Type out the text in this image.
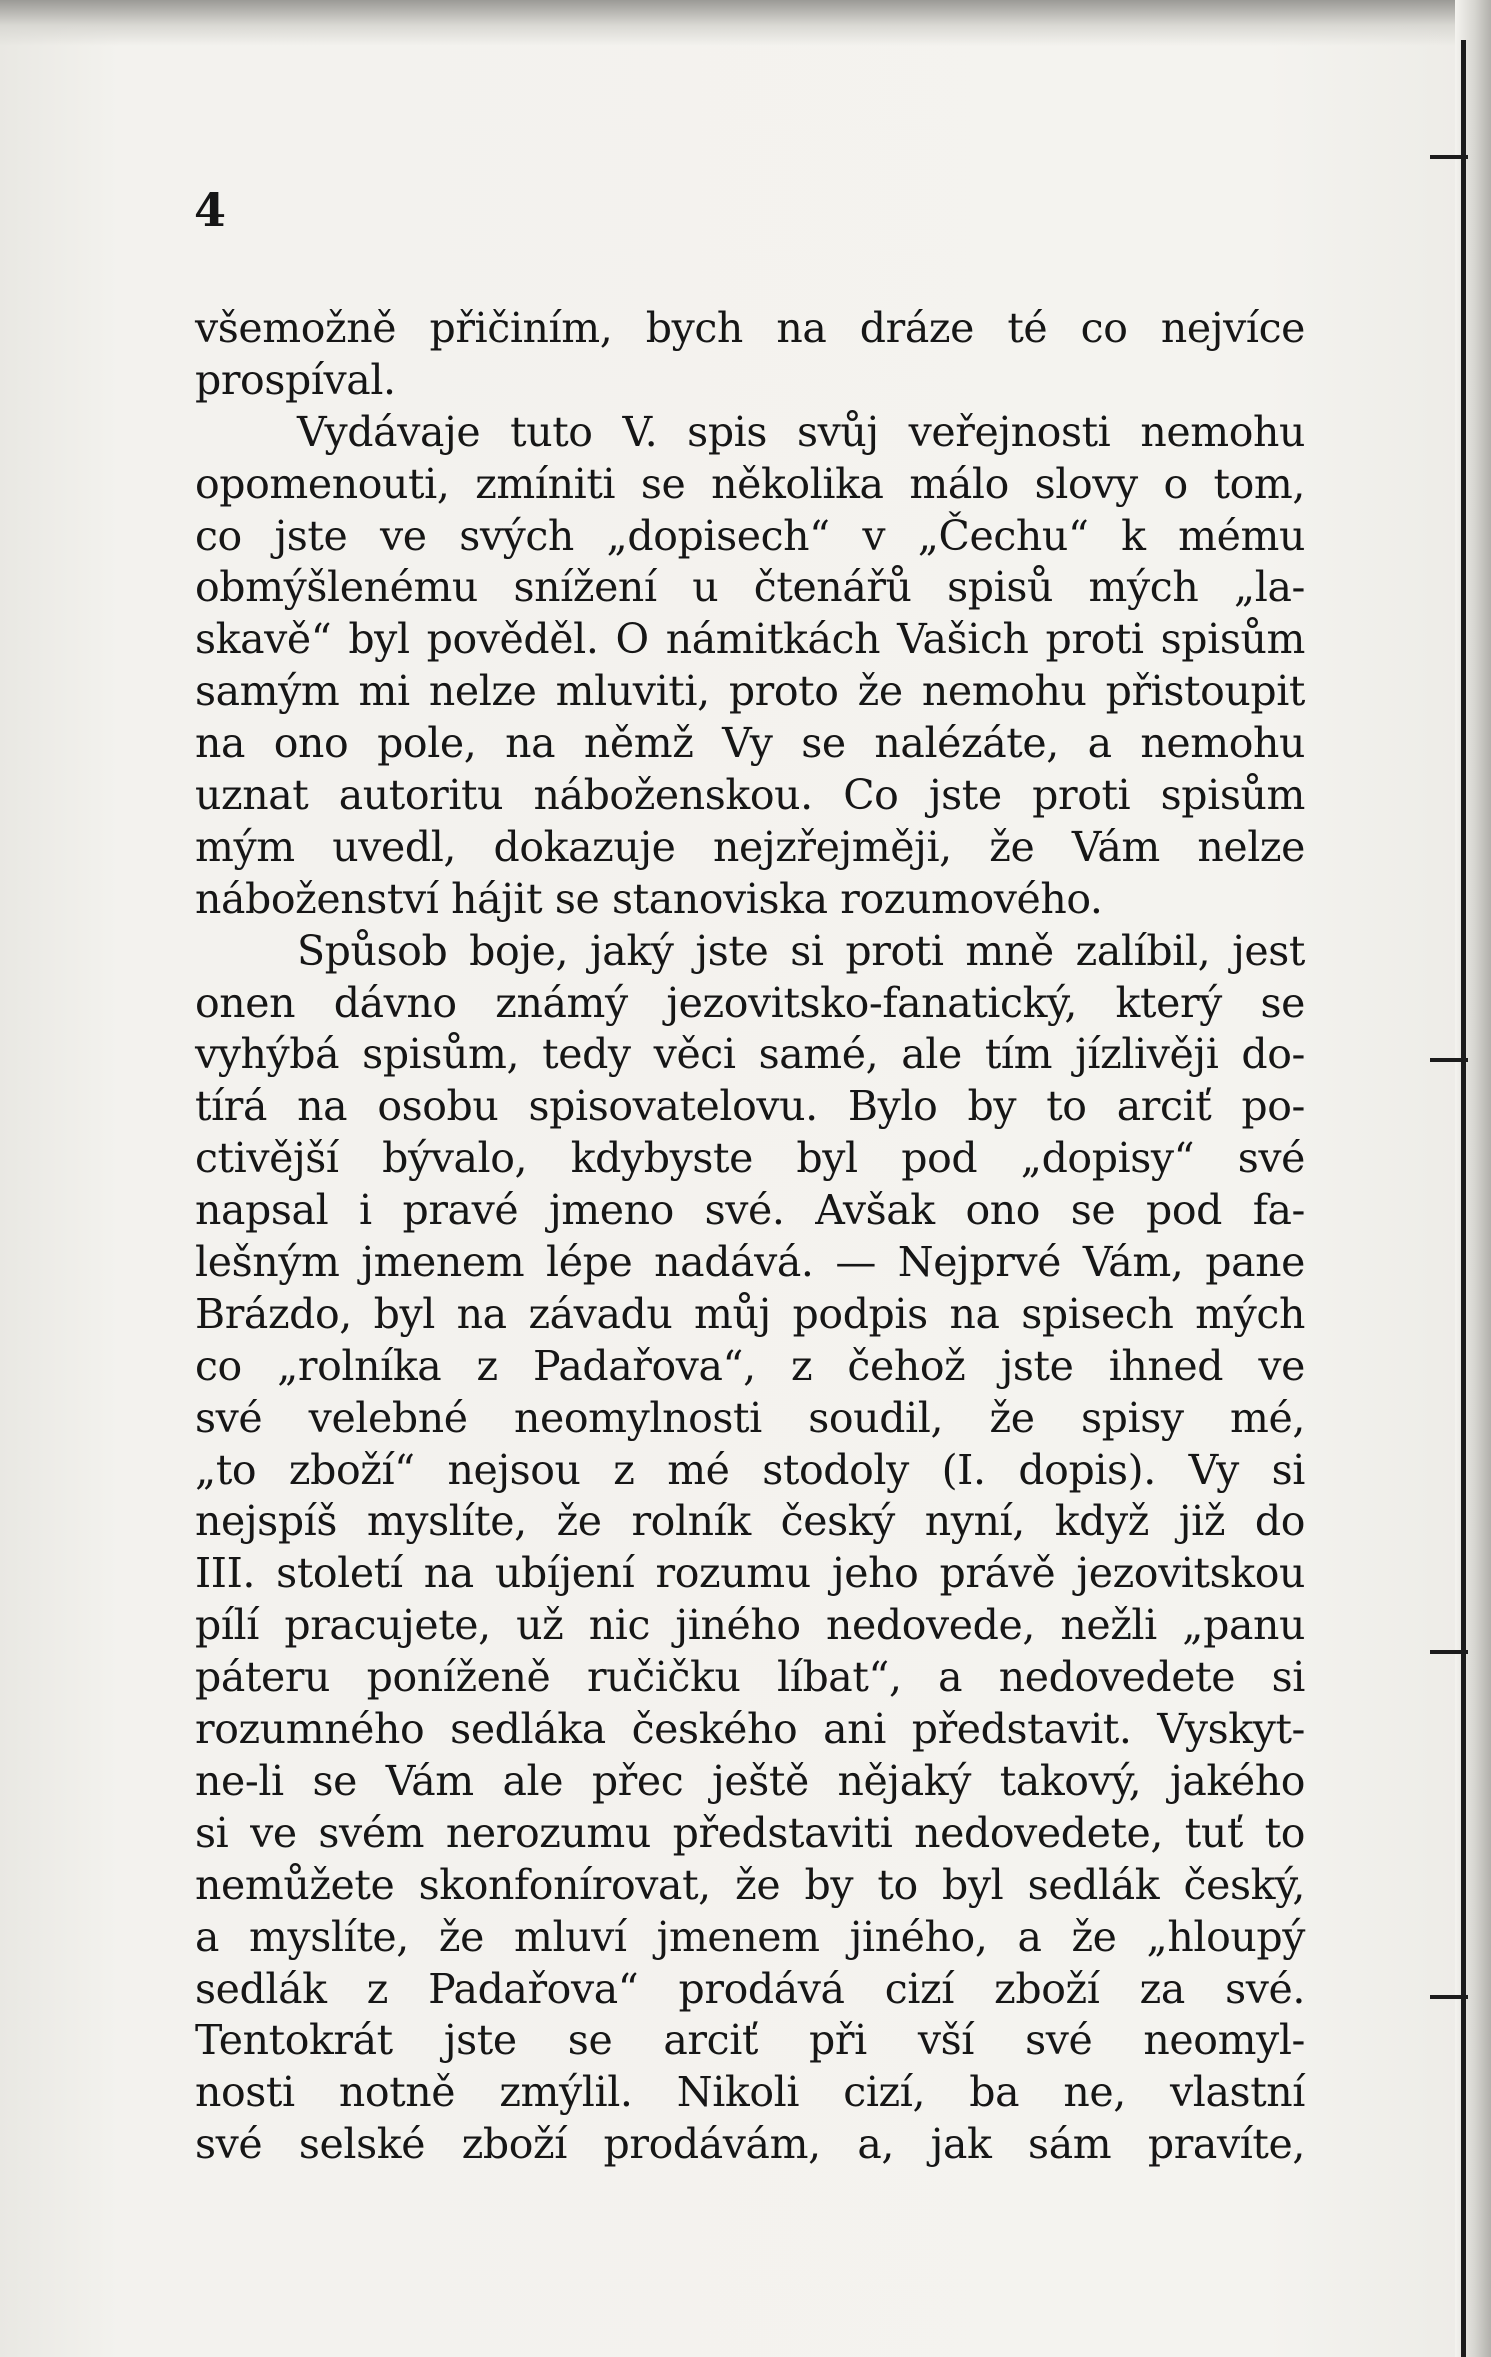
4
všemožně přičiním, bych na dráze té co nejvíce
prospíval.
Vydávaje tuto V. spis svůj veřejnosti nemohu
opomenouti, zmíniti se několika málo slovy o tom,
co jste ve svých „dopisech“ v „Čechu“ k mému
obmýšlenému snížení u čtenářů spisů mých „la-
skavě“ byl pověděl. O námitkách Vašich proti spisům
samým mi nelze mluviti, proto že nemohu přistoupit
na ono pole, na němž Vy se nalézáte, a nemohu
uznat autoritu náboženskou. Co jste proti spisům
mým uvedl, dokazuje nejzřejměji, že Vám nelze
náboženství hájit se stanoviska rozumového.
Spůsob boje, jaký jste si proti mně zalíbil, jest
onen dávno známý jezovitsko-fanatický, který se
vyhýbá spisům, tedy věci samé, ale tím jízlivěji do-
tírá na osobu spisovatelovu. Bylo by to arciť po-
ctivější bývalo, kdybyste byl pod „dopisy“ své
napsal i pravé jmeno své. Avšak ono se pod fa-
lešným jmenem lépe nadává. — Nejprvé Vám, pane
Brázdo, byl na závadu můj podpis na spisech mých
co „rolníka z Padařova“, z čehož jste ihned ve
své velebné neomylnosti soudil, že spisy mé,
„to zboží“ nejsou z mé stodoly (I. dopis). Vy si
nejspíš myslíte, že rolník český nyní, když již do
III. století na ubíjení rozumu jeho právě jezovitskou
pílí pracujete, už nic jiného nedovede, nežli „panu
páteru poníženě ručičku líbat“, a nedovedete si
rozumného sedláka českého ani představit. Vyskyt-
ne-li se Vám ale přec ještě nějaký takový, jakého
si ve svém nerozumu představiti nedovedete, tuť to
nemůžete skonfonírovat, že by to byl sedlák český,
a myslíte, že mluví jmenem jiného, a že „hloupý
sedlák z Padařova“ prodává cizí zboží za své.
Tentokrát jste se arciť při vší své neomyl-
nosti notně zmýlil. Nikoli cizí, ba ne, vlastní
své selské zboží prodávám, a, jak sám pravíte,
